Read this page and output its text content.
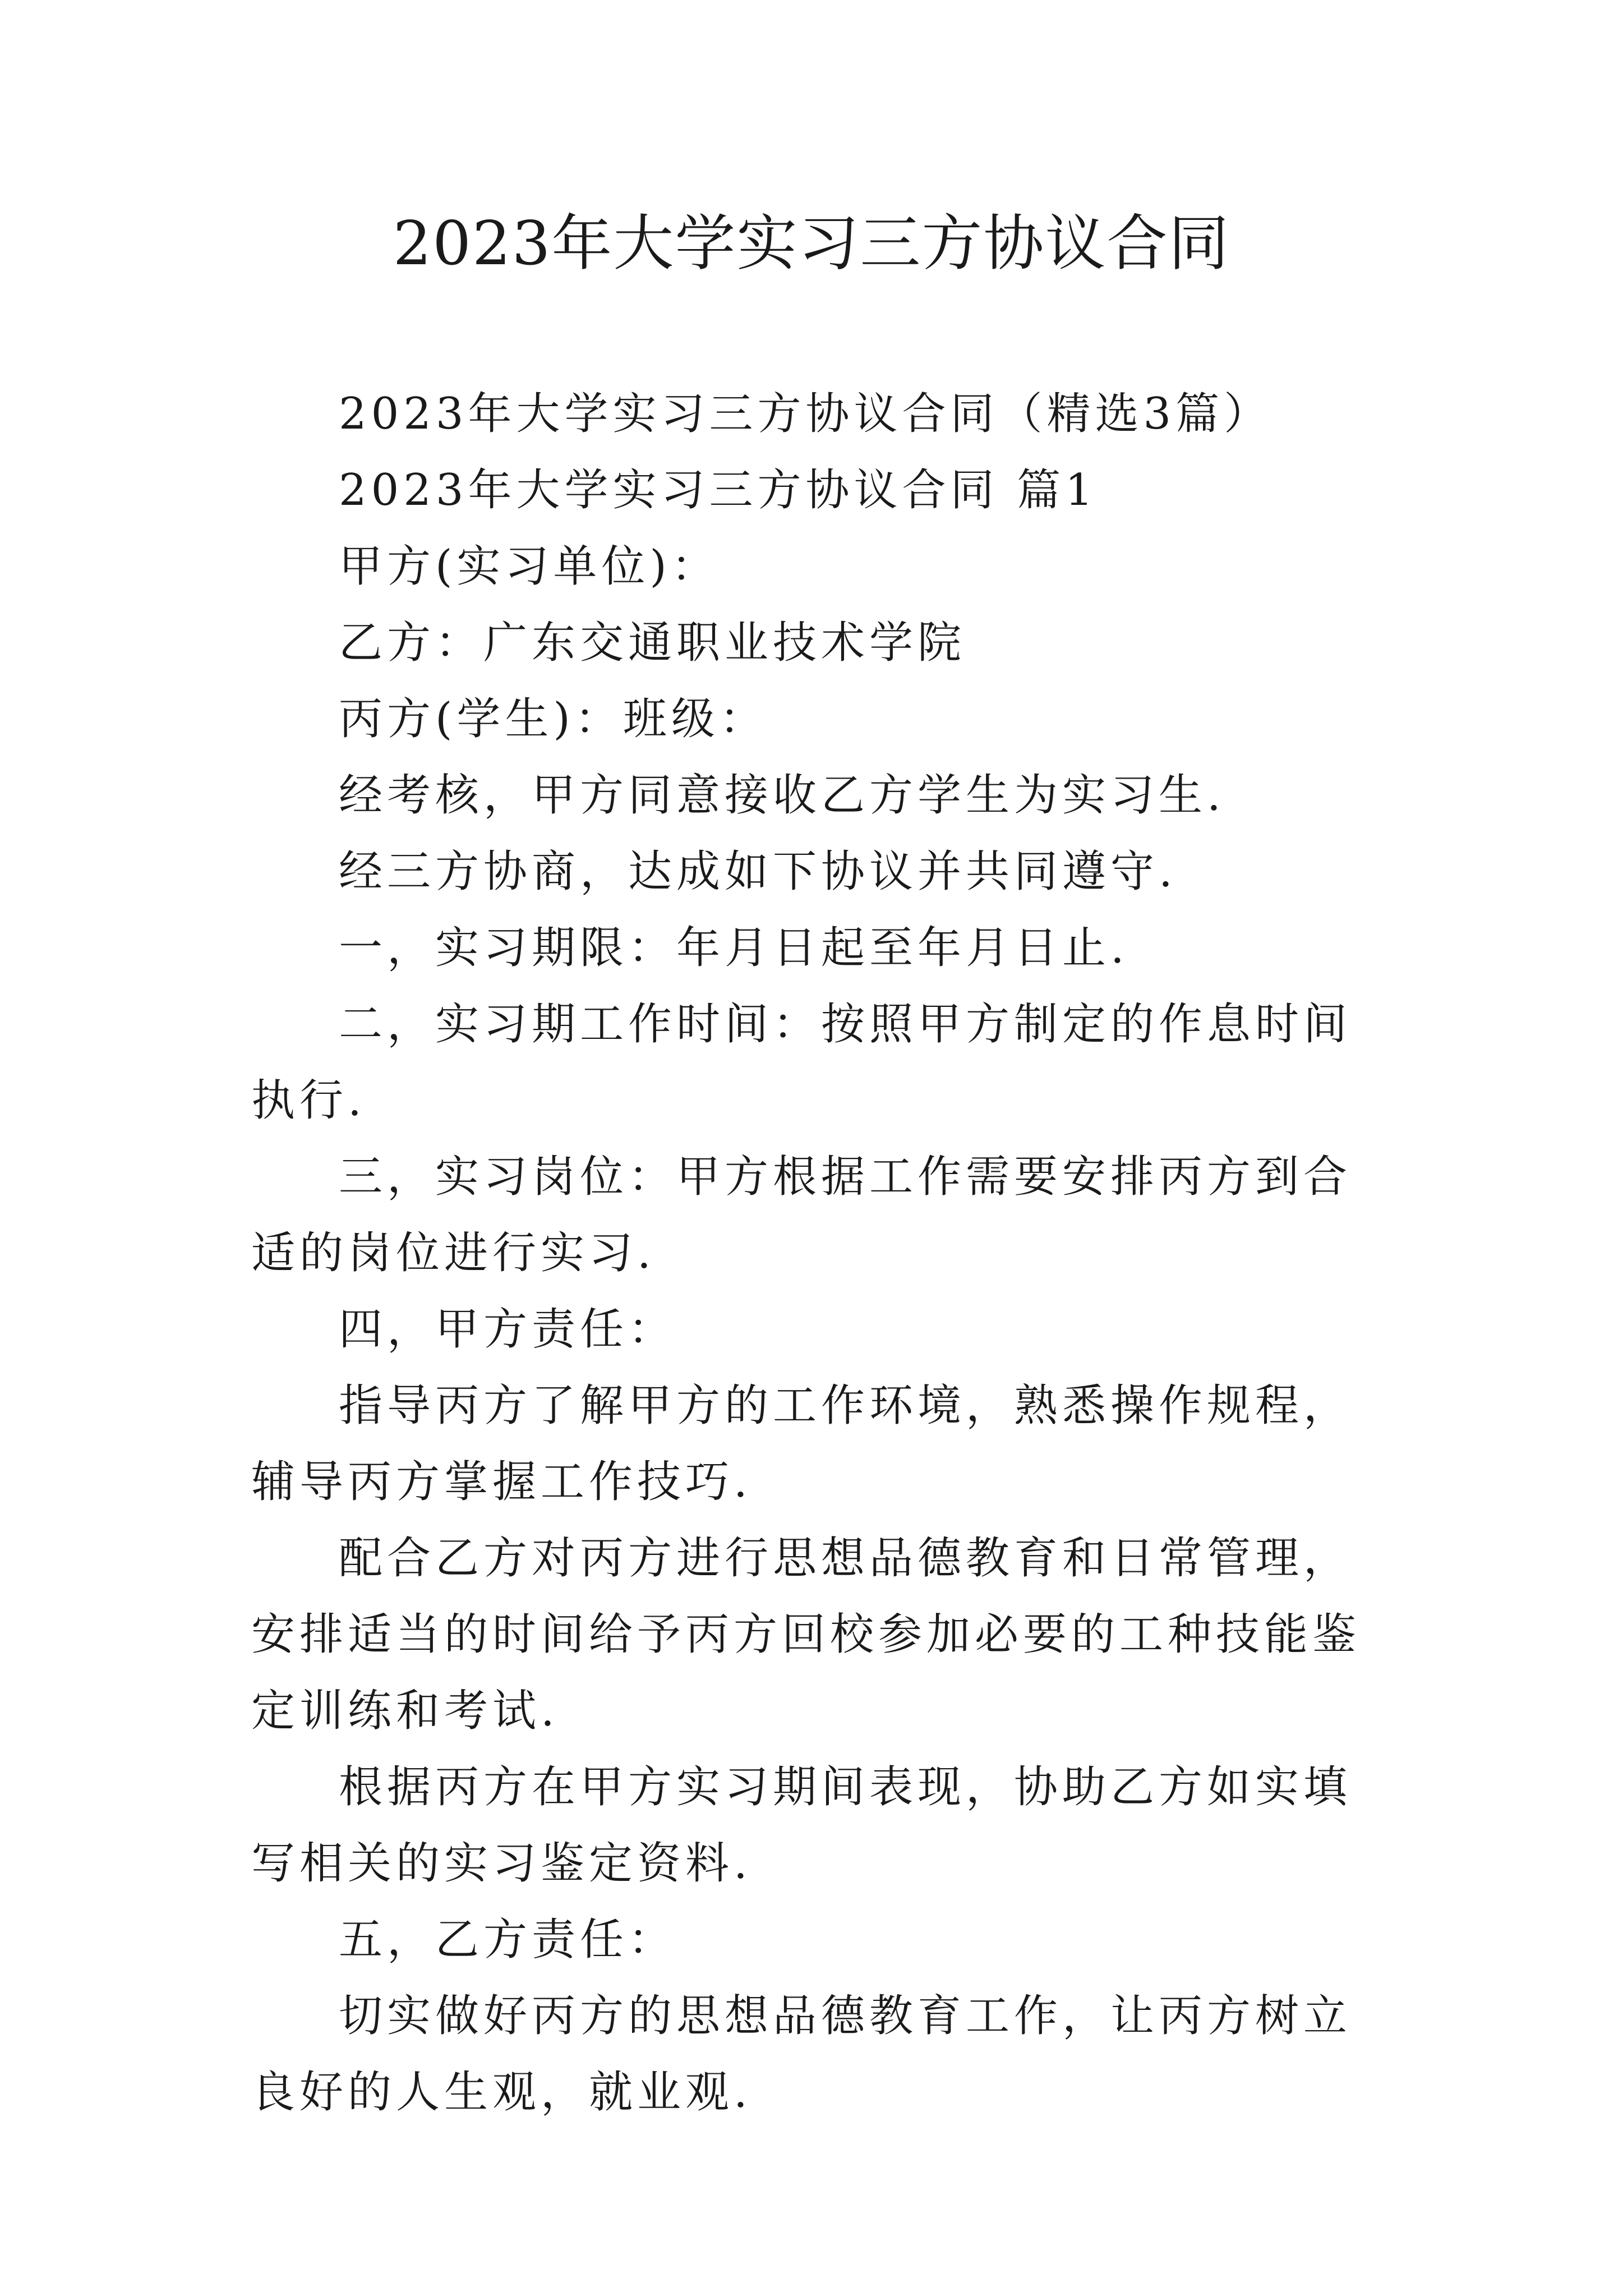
2023年大学实习三方协议合同

2023年大学实习三方协议合同（精选3篇）

2023年大学实习三方协议合同 篇1

甲方(实习单位)：

乙方：广东交通职业技术学院

丙方(学生)：班级：

经考核，甲方同意接收乙方学生为实习生.

经三方协商，达成如下协议并共同遵守.

一，实习期限：年月日起至年月日止.

二，实习期工作时间：按照甲方制定的作息时间执行.

三，实习岗位：甲方根据工作需要安排丙方到合适的岗位进行实习.

四，甲方责任：

指导丙方了解甲方的工作环境，熟悉操作规程，辅导丙方掌握工作技巧.

配合乙方对丙方进行思想品德教育和日常管理，安排适当的时间给予丙方回校参加必要的工种技能鉴定训练和考试.

根据丙方在甲方实习期间表现，协助乙方如实填写相关的实习鉴定资料.

五，乙方责任：

切实做好丙方的思想品德教育工作，让丙方树立良好的人生观，就业观.
